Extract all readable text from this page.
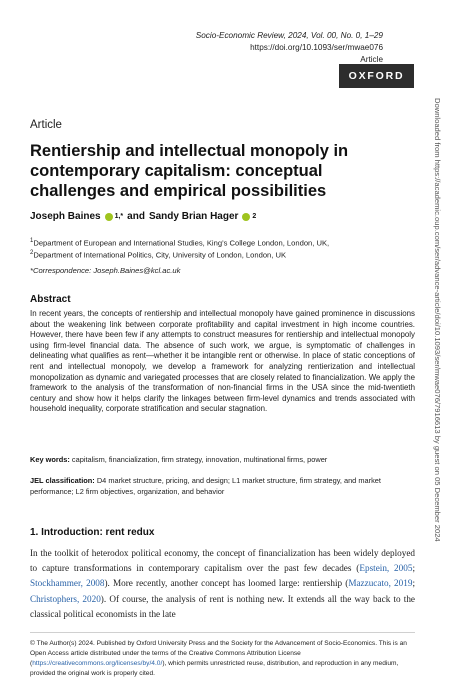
Socio-Economic Review, 2024, Vol. 00, No. 0, 1–29
https://doi.org/10.1093/ser/mwae076
Article
OXFORD
Downloaded from https://academic.oup.com/ser/advance-article/doi/10.1093/ser/mwae076/7916613 by guest on 05 December 2024
Article
Rentiership and intellectual monopoly in contemporary capitalism: conceptual challenges and empirical possibilities
Joseph Baines 1,* and Sandy Brian Hager 2
$^1$Department of European and International Studies, King’s College London, London, UK,
$^2$Department of International Politics, City, University of London, London, UK
*Correspondence: Joseph.Baines@kcl.ac.uk
Abstract

In recent years, the concepts of rentiership and intellectual monopoly have gained prominence in discussions about the weakening link between corporate profitability and capital investment in high income countries. However, there have been few if any attempts to construct measures for rentiership and intellectual monopoly using firm-level financial data. The absence of such work, we argue, is symptomatic of challenges in delineating what qualifies as rent—whether it be intangible rent or otherwise. In place of static conceptions of rent and intellectual monopoly, we develop a framework for analyzing rentierization and intellectual monopolization as dynamic and variegated processes that are closely related to financialization. We apply the framework to the analysis of the transformation of non-financial firms in the USA since the mid-twentieth century and show how it helps clarify the linkages between firm-level dynamics and trends associated with household inequality, corporate stratification and secular stagnation.

Key words: capitalism, financialization, firm strategy, innovation, multinational firms, power
JEL classification: D4 market structure, pricing, and design; L1 market structure, firm strategy, and market performance; L2 firm objectives, organization, and behavior
1. Introduction: rent redux

In the toolkit of heterodox political economy, the concept of financialization has been widely deployed to capture transformations in contemporary capitalism over the past few decades (Epstein, 2005; Stockhammer, 2008). More recently, another concept has loomed large: rentiership (Mazzucato, 2019; Christophers, 2020). Of course, the analysis of rent is nothing new. It extends all the way back to the classical political economists in the late

© The Author(s) 2024. Published by Oxford University Press and the Society for the Advancement of Socio-Economics. This is an Open Access article distributed under the terms of the Creative Commons Attribution License (https://creativecommons.org/licenses/by/4.0/), which permits unrestricted reuse, distribution, and reproduction in any medium, provided the original work is properly cited.
